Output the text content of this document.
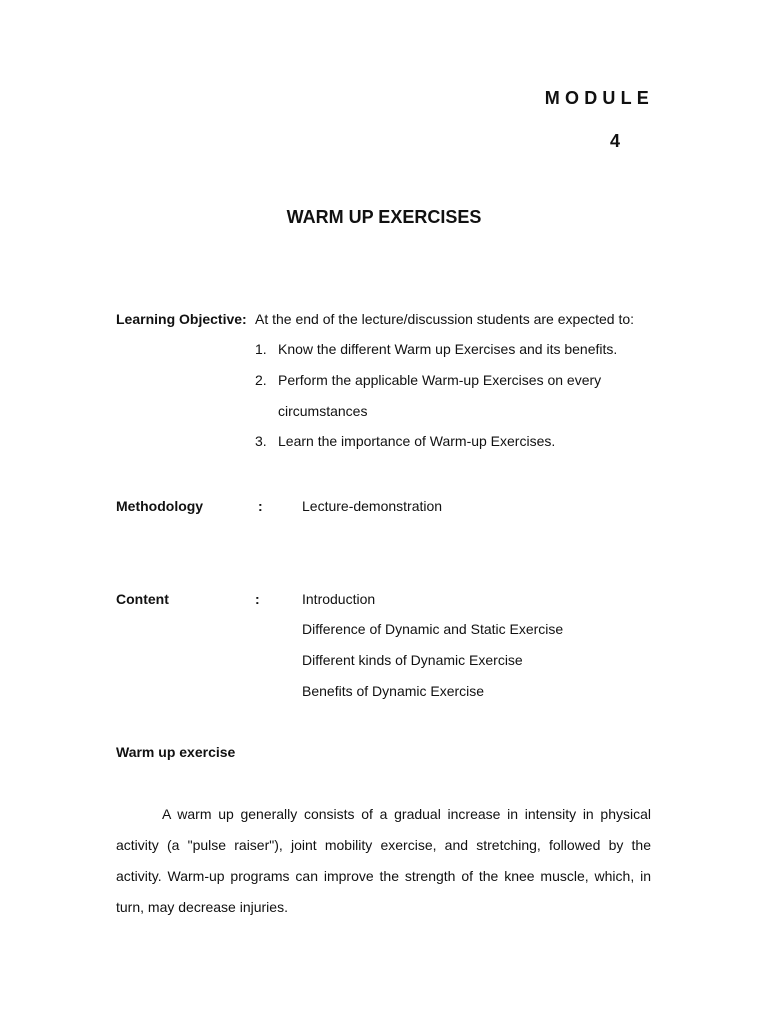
MODULE
4
WARM UP EXERCISES
Learning Objective: At the end of the lecture/discussion students are expected to:
1. Know the different Warm up Exercises and its benefits.
2. Perform the applicable Warm-up Exercises on every
circumstances
3. Learn the importance of Warm-up Exercises.
Methodology	:	Lecture-demonstration
Content	:	Introduction
Difference of Dynamic and Static Exercise
Different kinds of Dynamic Exercise
Benefits of Dynamic Exercise
Warm up exercise

A warm up generally consists of a gradual increase in intensity in physical activity (a "pulse raiser"), joint mobility exercise, and stretching, followed by the activity. Warm-up programs can improve the strength of the knee muscle, which, in turn, may decrease injuries.
